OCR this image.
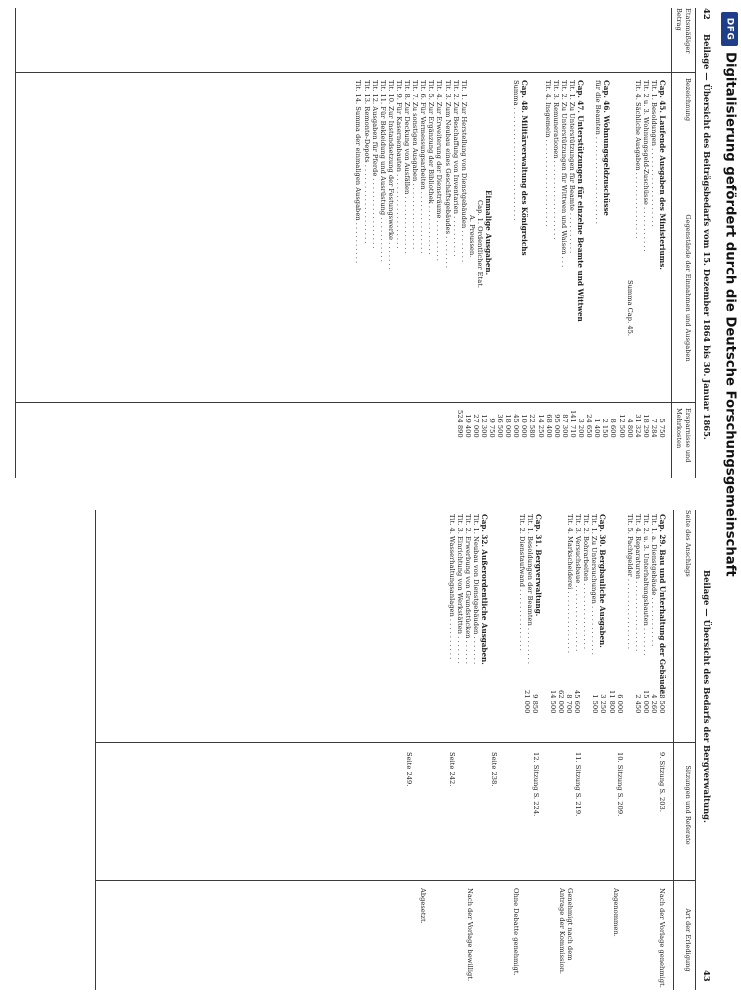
42
Beilage — Übersicht des Beiträgsbedarfs vom 15. Dezember 1864 bis 30. Januar 1865.
Etatsmäßiger Betrag
Bezeichnung
Gegenstände der Einnahmen und Ausgaben
Ersparnisse und Mehrkosten
Cap. 45. Laufende Ausgaben des Ministeriums.
Tit. 1. Besoldungen . . . . . . . . . . . . . . . . . . .
Tit. 2 u. 3. Wohnungsgeld-Zuschüsse . . . . . . . . . . .
Tit. 4. Sächliche Ausgaben . . . . . . . . . . . . . . . .
Summa Cap. 45.
Cap. 46. Wohnungsgeldzuschüsse
für die Beamten . . . . . . . . . . . . . . . . . . . . .
Cap. 47. Unterstützungen für einzelne Beamte und Wittwen
Tit. 1. Zu Unterstützungen für Beamte . . . . . . . . . .
Tit. 2. Zu Unterstützungen für Wittwen und Waisen . . .
Tit. 3. Remunerationen . . . . . . . . . . . . . . . . . . .
Tit. 4. Insgemein . . . . . . . . . . . . . . . . . . . . .
Cap. 48. Militärverwaltung des Königreichs
Summa . . . . . . . . . . . . . . . . . . . . . . . . . . .
Einmalige Ausgaben.
Cap. 1. Ordentlicher Etat.
A. Preussen.
Tit. 1. Zur Herstellung von Dienstgebäuden . . . . . . . .
Tit. 2. Zur Beschaffung von Inventarien . . . . . . . . . .
Tit. 3. Zum Neubau eines Geschäftsgebäudes . . . . . . . .
Tit. 4. Zur Erweiterung der Diensträume . . . . . . . . . .
Tit. 5. Zur Ergänzung der Bibliothek . . . . . . . . . . . .
Tit. 6. Für Vermessungsarbeiten . . . . . . . . . . . . . . .
Tit. 7. Zu sonstigen Ausgaben . . . . . . . . . . . . . . . .
Tit. 8. Zur Deckung von Ausfällen . . . . . . . . . . . . . .
Tit. 9. Für Kasernenbauten . . . . . . . . . . . . . . . . . .
Tit. 10. Zur Instandsetzung der Festungswerke . . . . . . .
Tit. 11. Für Bekleidung und Ausrüstung . . . . . . . . . . .
Tit. 12. Ausgaben für Pferde . . . . . . . . . . . . . . . . .
Tit. 13. Remonte-Depots . . . . . . . . . . . . . . . . . . .
Tit. 14. Summa der einmaligen Ausgaben . . . . . . . . . .
5 750
7 284
18 290
31 324
4 800
12 500
8 600
2 150
1 400
24 650
3 200
141 710
87 300
95 000
68 400
14 250
22 580
10 000
45 000
18 000
36 500
9 750
12 300
27 000
19 400
524 890
Beilage — Übersicht des Bedarfs der Bergverwaltung.
43
Seite des Anschlags
Sitzungen und Referate
Art der Erledigung
Cap. 29. Bau und Unterhaltung der Gebäude.
Tit. 1. a. Dienstgebäude . . . . . . . . . . . .
Tit. 2. u. 3. Unterhaltungsbauten . . . . . . .
Tit. 4. Reparaturen . . . . . . . . . . . . . . . . .
Tit. 5. Pachtgelder . . . . . . . . . . . . . . . . .
Cap. 30. Bergbauliche Ausgaben.
Tit. 1. Zu Untersuchungen . . . . . . . . . . . .
Tit. 2. Bohrarbeiten . . . . . . . . . . . . . . . .
Tit. 3. Versuchsbaue . . . . . . . . . . . . . . . .
Tit. 4. Markscheiderei . . . . . . . . . . . . . . .
Cap. 31. Bergverwaltung.
Tit. 1. Besoldungen der Beamten . . . . . . . . .
Tit. 2. Dienstaufwand . . . . . . . . . . . . . . .
Cap. 32. Außerordentliche Ausgaben.
Tit. 1. Neubau von Dienstgebäuden . . . . . . .
Tit. 2. Erwerbung von Grundstücken . . . . . .
Tit. 3. Einrichtung von Werkstätten . . . . . . .
Tit. 4. Wasserhaltungsanlagen . . . . . . . . . .
28 500
4 260
15 000
2 450
6 000
11 800
3 250
1 500
45 600
8 700
62 000
14 500
9 850
21 000
9. Sitzung S. 203.
10. Sitzung S. 209.
11. Sitzung S. 219.
12. Sitzung S. 224.
Seite 238.
Seite 242.
Seite 249.
Nach der Vorlage genehmigt.
Angenommen.
Genehmigt nach dem Antrage der Kommission.
Ohne Debatte genehmigt.
Nach der Vorlage bewilligt.
Abgesetzt.
DFG
Digitalisierung gefördert durch die Deutsche Forschungsgemeinschaft
